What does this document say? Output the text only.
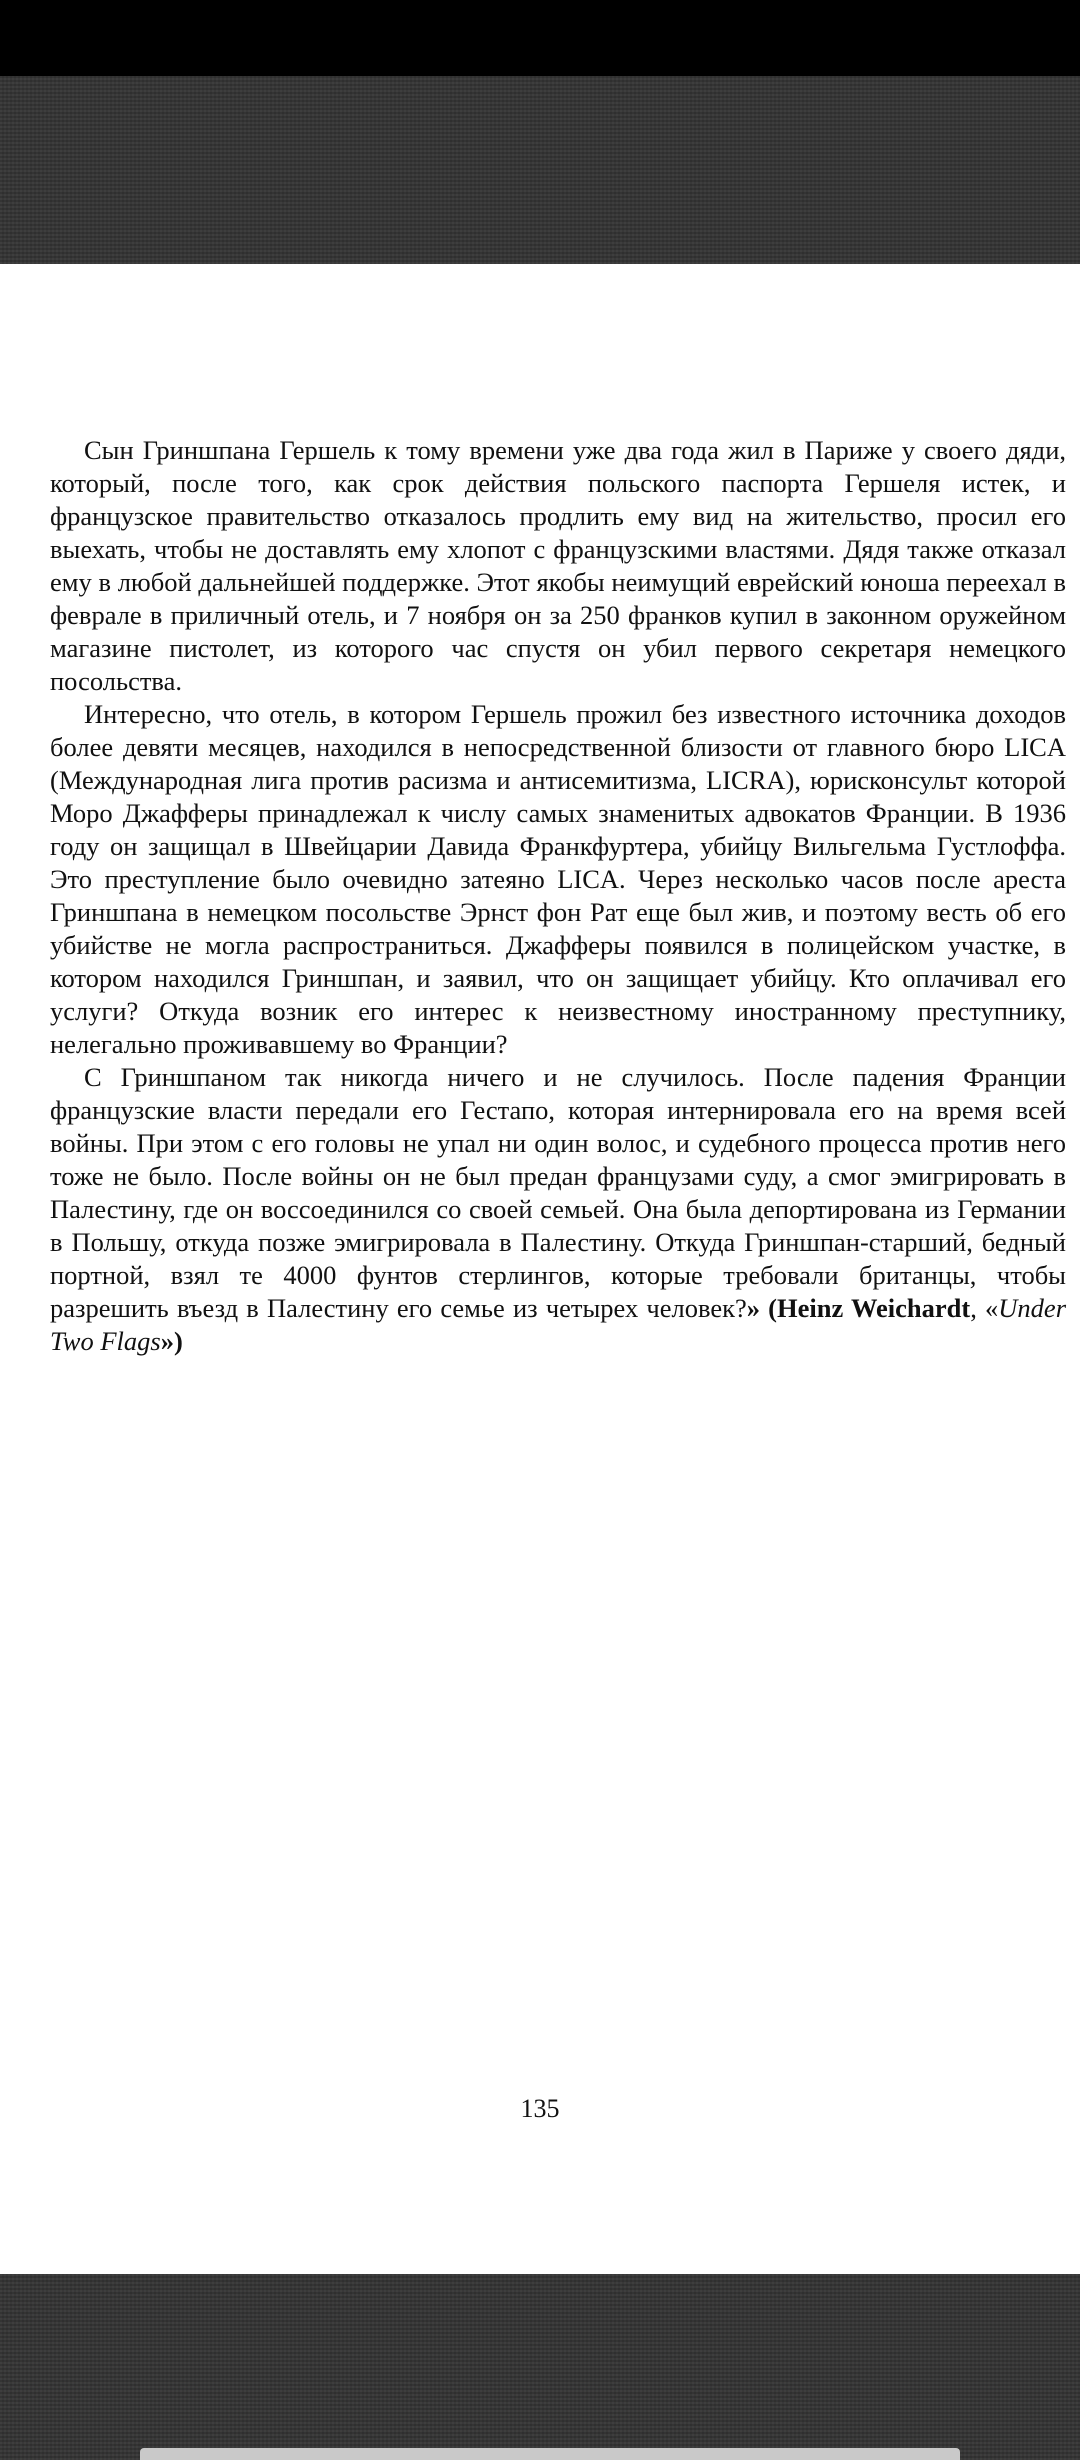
Сын Гриншпана Гершель к тому времени уже два года жил в Париже у своего дяди, который, после того, как срок действия польского паспорта Гершеля истек, и французское правительство отказалось продлить ему вид на жительство, просил его выехать, чтобы не доставлять ему хлопот с французскими властями. Дядя также отказал ему в любой дальнейшей поддержке. Этот якобы неимущий еврейский юноша переехал в феврале в приличный отель, и 7 ноября он за 250 франков купил в законном оружейном магазине пистолет, из которого час спустя он убил первого секретаря немецкого посольства.

Интересно, что отель, в котором Гершель прожил без известного источника доходов более девяти месяцев, находился в непосредственной близости от главного бюро LICA (Международная лига против расизма и антисемитизма, LICRA), юрисконсульт которой Моро Джафферы принадлежал к числу самых знаменитых адвокатов Франции. В 1936 году он защищал в Швейцарии Давида Франкфуртера, убийцу Вильгельма Густлоффа. Это преступление было очевидно затеяно LICA. Через несколько часов после ареста Гриншпана в немецком посольстве Эрнст фон Рат еще был жив, и поэтому весть об его убийстве не могла распространиться. Джафферы появился в полицейском участке, в котором находился Гриншпан, и заявил, что он защищает убийцу. Кто оплачивал его услуги? Откуда возник его интерес к неизвестному иностранному преступнику, нелегально проживавшему во Франции?

С Гриншпаном так никогда ничего и не случилось. После падения Франции французские власти передали его Гестапо, которая интернировала его на время всей войны. При этом с его головы не упал ни один волос, и судебного процесса против него тоже не было. После войны он не был предан французами суду, а смог эмигрировать в Палестину, где он воссоединился со своей семьей. Она была депортирована из Германии в Польшу, откуда позже эмигрировала в Палестину. Откуда Гриншпан-старший, бедный портной, взял те 4000 фунтов стерлингов, которые требовали британцы, чтобы разрешить въезд в Палестину его семье из четырех человек?» (Heinz Weichardt, «Under Two Flags»)

135
